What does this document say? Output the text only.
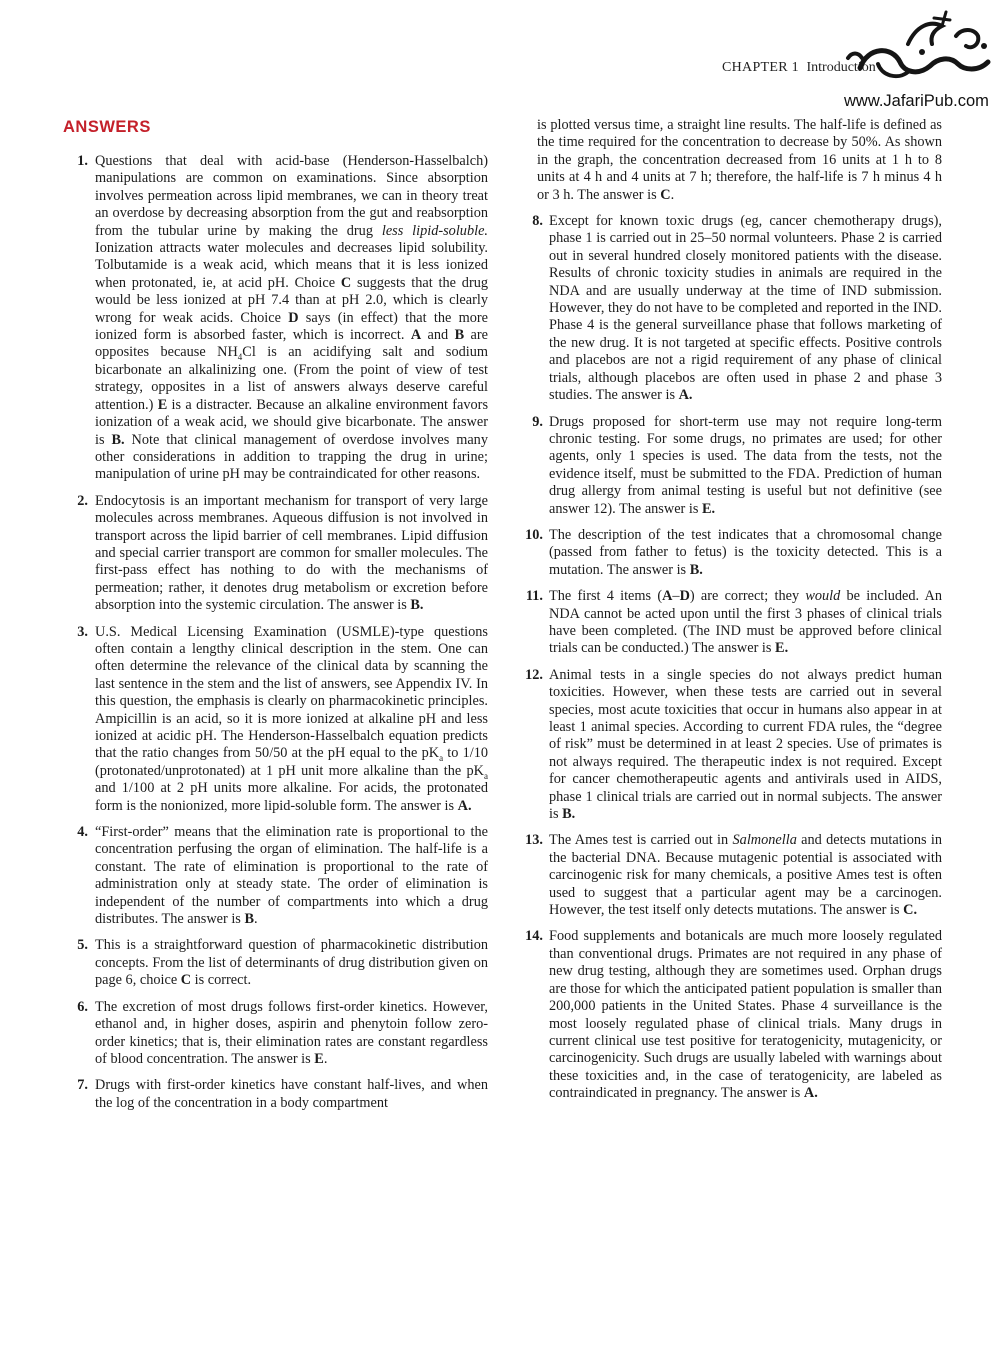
CHAPTER 1 Introduction
www.JafariPub.com
ANSWERS
1. Questions that deal with acid-base (Henderson-Hasselbalch) manipulations are common on examinations. Since absorption involves permeation across lipid membranes, we can in theory treat an overdose by decreasing absorption from the gut and reabsorption from the tubular urine by making the drug less lipid-soluble. Ionization attracts water molecules and decreases lipid solubility. Tolbutamide is a weak acid, which means that it is less ionized when protonated, ie, at acid pH. Choice C suggests that the drug would be less ionized at pH 7.4 than at pH 2.0, which is clearly wrong for weak acids. Choice D says (in effect) that the more ionized form is absorbed faster, which is incorrect. A and B are opposites because $NH_4Cl$ is an acidifying salt and sodium bicarbonate an alkalinizing one. (From the point of view of test strategy, opposites in a list of answers always deserve careful attention.) E is a distracter. Because an alkaline environment favors ionization of a weak acid, we should give bicarbonate. The answer is B. Note that clinical management of overdose involves many other considerations in addition to trapping the drug in urine; manipulation of urine pH may be contraindicated for other reasons.

2. Endocytosis is an important mechanism for transport of very large molecules across membranes. Aqueous diffusion is not involved in transport across the lipid barrier of cell membranes. Lipid diffusion and special carrier transport are common for smaller molecules. The first-pass effect has nothing to do with the mechanisms of permeation; rather, it denotes drug metabolism or excretion before absorption into the systemic circulation. The answer is B.

3. U.S. Medical Licensing Examination (USMLE)-type questions often contain a lengthy clinical description in the stem. One can often determine the relevance of the clinical data by scanning the last sentence in the stem and the list of answers, see Appendix IV. In this question, the emphasis is clearly on pharmacokinetic principles. Ampicillin is an acid, so it is more ionized at alkaline pH and less ionized at acidic pH. The Henderson-Hasselbalch equation predicts that the ratio changes from 50/50 at the pH equal to the $pK_a$ to 1/10 (protonated/unprotonated) at 1 pH unit more alkaline than the $pK_a$ and 1/100 at 2 pH units more alkaline. For acids, the protonated form is the nonionized, more lipid-soluble form. The answer is A.

4. “First-order” means that the elimination rate is proportional to the concentration perfusing the organ of elimination. The half-life is a constant. The rate of elimination is proportional to the rate of administration only at steady state. The order of elimination is independent of the number of compartments into which a drug distributes. The answer is B.

5. This is a straightforward question of pharmacokinetic distribution concepts. From the list of determinants of drug distribution given on page 6, choice C is correct.

6. The excretion of most drugs follows first-order kinetics. However, ethanol and, in higher doses, aspirin and phenytoin follow zero-order kinetics; that is, their elimination rates are constant regardless of blood concentration. The answer is E.

7. Drugs with first-order kinetics have constant half-lives, and when the log of the concentration in a body compartment

is plotted versus time, a straight line results. The half-life is defined as the time required for the concentration to decrease by 50%. As shown in the graph, the concentration decreased from 16 units at 1 h to 8 units at 4 h and 4 units at 7 h; therefore, the half-life is 7 h minus 4 h or 3 h. The answer is C.

8. Except for known toxic drugs (eg, cancer chemotherapy drugs), phase 1 is carried out in 25–50 normal volunteers. Phase 2 is carried out in several hundred closely monitored patients with the disease. Results of chronic toxicity studies in animals are required in the NDA and are usually underway at the time of IND submission. However, they do not have to be completed and reported in the IND. Phase 4 is the general surveillance phase that follows marketing of the new drug. It is not targeted at specific effects. Positive controls and placebos are not a rigid requirement of any phase of clinical trials, although placebos are often used in phase 2 and phase 3 studies. The answer is A.

9. Drugs proposed for short-term use may not require long-term chronic testing. For some drugs, no primates are used; for other agents, only 1 species is used. The data from the tests, not the evidence itself, must be submitted to the FDA. Prediction of human drug allergy from animal testing is useful but not definitive (see answer 12). The answer is E.

10. The description of the test indicates that a chromosomal change (passed from father to fetus) is the toxicity detected. This is a mutation. The answer is B.

11. The first 4 items (A–D) are correct; they would be included. An NDA cannot be acted upon until the first 3 phases of clinical trials have been completed. (The IND must be approved before clinical trials can be conducted.) The answer is E.

12. Animal tests in a single species do not always predict human toxicities. However, when these tests are carried out in several species, most acute toxicities that occur in humans also appear in at least 1 animal species. According to current FDA rules, the “degree of risk” must be determined in at least 2 species. Use of primates is not always required. The therapeutic index is not required. Except for cancer chemotherapeutic agents and antivirals used in AIDS, phase 1 clinical trials are carried out in normal subjects. The answer is B.

13. The Ames test is carried out in Salmonella and detects mutations in the bacterial DNA. Because mutagenic potential is associated with carcinogenic risk for many chemicals, a positive Ames test is often used to suggest that a particular agent may be a carcinogen. However, the test itself only detects mutations. The answer is C.

14. Food supplements and botanicals are much more loosely regulated than conventional drugs. Primates are not required in any phase of new drug testing, although they are sometimes used. Orphan drugs are those for which the anticipated patient population is smaller than 200,000 patients in the United States. Phase 4 surveillance is the most loosely regulated phase of clinical trials. Many drugs in current clinical use test positive for teratogenicity, mutagenicity, or carcinogenicity. Such drugs are usually labeled with warnings about these toxicities and, in the case of teratogenicity, are labeled as contraindicated in pregnancy. The answer is A.
